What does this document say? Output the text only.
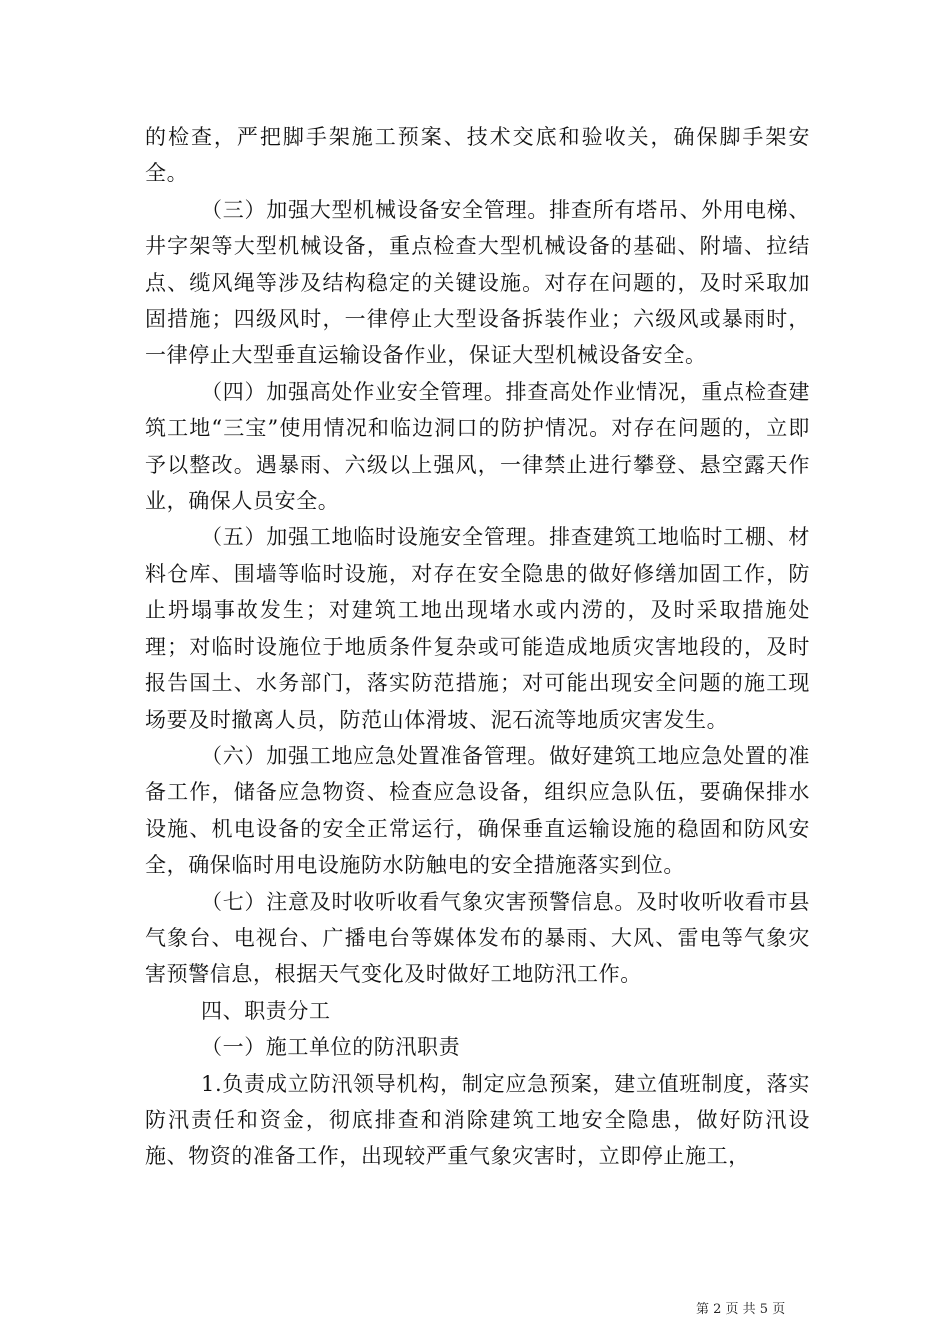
的检查，严把脚手架施工预案、技术交底和验收关，确保脚手架安全。

（三）加强大型机械设备安全管理。排查所有塔吊、外用电梯、井字架等大型机械设备，重点检查大型机械设备的基础、附墙、拉结点、缆风绳等涉及结构稳定的关键设施。对存在问题的，及时采取加固措施；四级风时，一律停止大型设备拆装作业；六级风或暴雨时，一律停止大型垂直运输设备作业，保证大型机械设备安全。

（四）加强高处作业安全管理。排查高处作业情况，重点检查建筑工地“三宝”使用情况和临边洞口的防护情况。对存在问题的，立即予以整改。遇暴雨、六级以上强风，一律禁止进行攀登、悬空露天作业，确保人员安全。

（五）加强工地临时设施安全管理。排查建筑工地临时工棚、材料仓库、围墙等临时设施，对存在安全隐患的做好修缮加固工作，防止坍塌事故发生；对建筑工地出现堵水或内涝的，及时采取措施处理；对临时设施位于地质条件复杂或可能造成地质灾害地段的，及时报告国土、水务部门，落实防范措施；对可能出现安全问题的施工现场要及时撤离人员，防范山体滑坡、泥石流等地质灾害发生。

（六）加强工地应急处置准备管理。做好建筑工地应急处置的准备工作，储备应急物资、检查应急设备，组织应急队伍，要确保排水设施、机电设备的安全正常运行，确保垂直运输设施的稳固和防风安全，确保临时用电设施防水防触电的安全措施落实到位。

（七）注意及时收听收看气象灾害预警信息。及时收听收看市县气象台、电视台、广播电台等媒体发布的暴雨、大风、雷电等气象灾害预警信息，根据天气变化及时做好工地防汛工作。

四、职责分工

（一）施工单位的防汛职责

1.负责成立防汛领导机构，制定应急预案，建立值班制度，落实防汛责任和资金，彻底排查和消除建筑工地安全隐患，做好防汛设施、物资的准备工作，出现较严重气象灾害时，立即停止施工，

第 2 页 共 5 页
